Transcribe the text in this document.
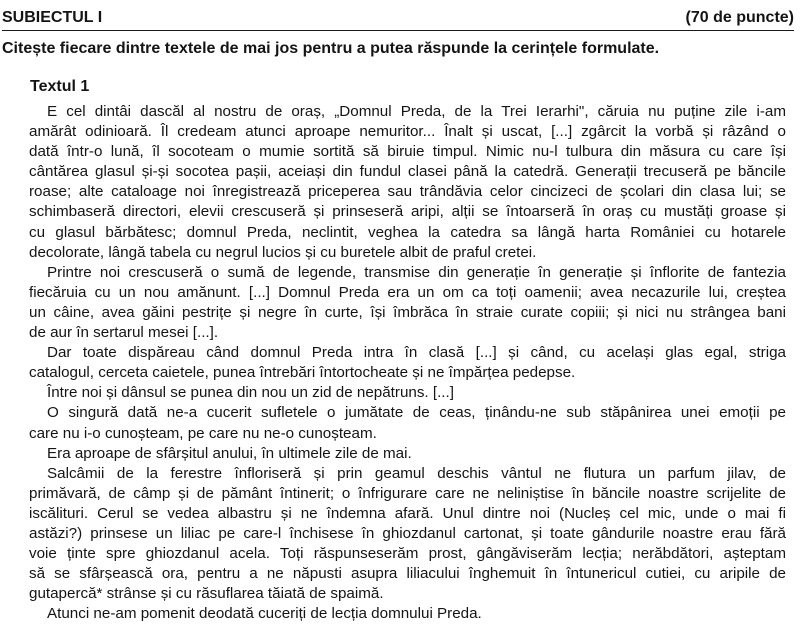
SUBIECTUL I	(70 de puncte)
Citește fiecare dintre textele de mai jos pentru a putea răspunde la cerințele formulate.
Textul 1
E cel dintâi dascăl al nostru de oraș, „Domnul Preda, de la Trei Ierarhi", căruia nu puține zile i-am
amărât odinioară. Îl credeam atunci aproape nemuritor... Înalt și uscat, [...] zgârcit la vorbă și râzând o
dată într-o lună, îl socoteam o mumie sortită să biruie timpul. Nimic nu-l tulbura din măsura cu care își
cântărea glasul și-și socotea pașii, aceiași din fundul clasei până la catedră. Generații trecuseră pe băncile
roase; alte cataloage noi înregistrează priceperea sau trândăvia celor cincizeci de școlari din clasa lui; se
schimbaseră directori, elevii crescuseră și prinseseră aripi, alții se întoarseră în oraș cu mustăți groase și
cu glasul bărbătesc; domnul Preda, neclintit, veghea la catedra sa lângă harta României cu hotarele
decolorate, lângă tabela cu negrul lucios și cu buretele albit de praful cretei.
Printre noi crescuseră o sumă de legende, transmise din generație în generație și înflorite de fantezia
fiecăruia cu un nou amănunt. [...] Domnul Preda era un om ca toți oamenii; avea necazurile lui, creștea
un câine, avea găini pestrițe și negre în curte, își îmbrăca în straie curate copiii; și nici nu strângea bani
de aur în sertarul mesei [...].
Dar toate dispăreau când domnul Preda intra în clasă [...] și când, cu același glas egal, striga
catalogul, cerceta caietele, punea întrebări întortocheate și ne împărțea pedepse.
Între noi și dânsul se punea din nou un zid de nepătruns. [...]
O singură dată ne-a cucerit sufletele o jumătate de ceas, ținându-ne sub stăpânirea unei emoții pe
care nu i-o cunoșteam, pe care nu ne-o cunoșteam.
Era aproape de sfârșitul anului, în ultimele zile de mai.
Salcâmii de la ferestre înfloriseră și prin geamul deschis vântul ne flutura un parfum jilav, de
primăvară, de câmp și de pământ întinerit; o înfrigurare care ne neliniștise în băncile noastre scrijelite de
iscălituri. Cerul se vedea albastru și ne îndemna afară. Unul dintre noi (Nucleș cel mic, unde o mai fi
astăzi?) prinsese un liliac pe care-l închisese în ghiozdanul cartonat, și toate gândurile noastre erau fără
voie ținte spre ghiozdanul acela. Toți răspunseserăm prost, gângăviserăm lecția; nerăbdători, așteptam
să se sfârșească ora, pentru a ne năpusti asupra liliacului înghemuit în întunericul cutiei, cu aripile de
gutapercă* strânse și cu răsuflarea tăiată de spaimă.
Atunci ne-am pomenit deodată cuceriți de lecția domnului Preda.
